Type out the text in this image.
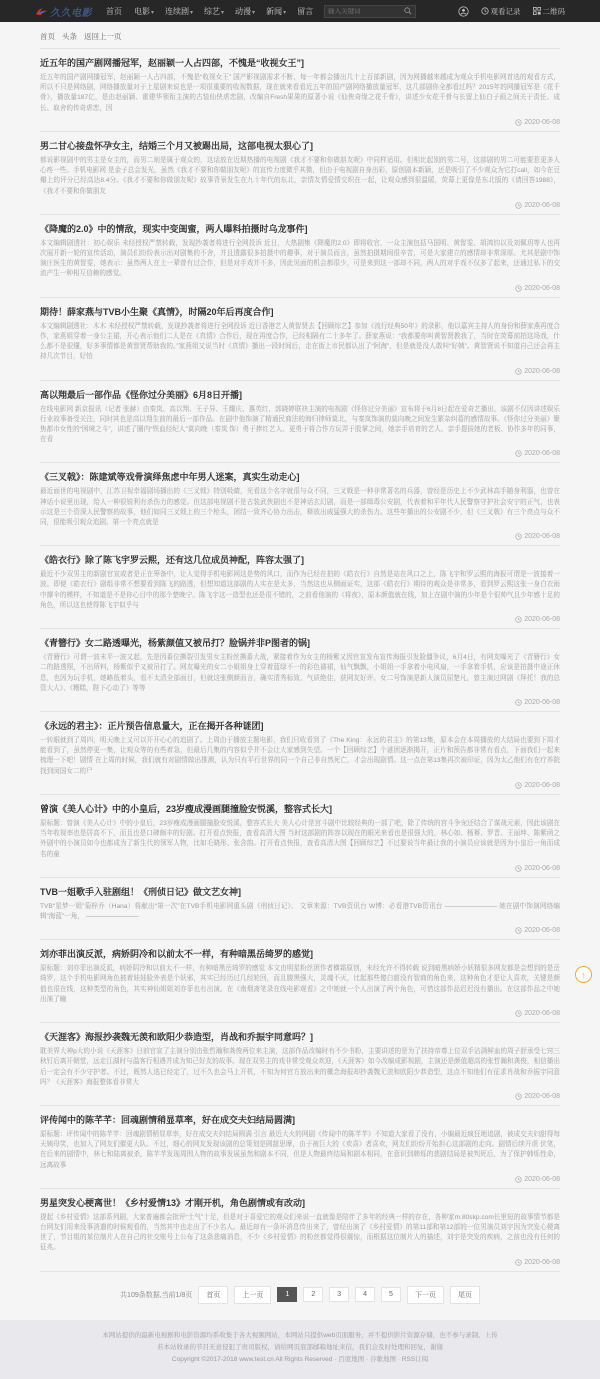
久久电影 首页 电影▾ 连续剧▾ 综艺▾ 动漫▾ 新闻▾ 留言
输入关键词	观看记录	二维码
首页 头条 返回上一页
近五年的国产剧网播冠军，赵丽颖一人占四部，不愧是“收视女王”]

近五年的国产剧网播冠军，赵丽颖一人占四部，不愧是“收视女王” 国产影视剧需求不断，每一年都会播出几十上百部新剧，因为网播越来越成为观众手机电影网首选的观看方式，所以不只是网络剧，网络播放量对于上星剧来说也是一项很重要的收视数据，现在就来看看近五年的国产剧网络播放量冠军，这几部剧你全都看过吗？2015年的网播冠军是《花千骨》，播放量187亿，是由赵丽颖、霍建华领衔主演的古装仙侠虐恋剧，改编自Fresh果果的原著小说《仙侠奇缘之花千骨》，讲述少女花千骨与长留上仙白子画之间关于责任、成长、取舍的传奇虐恋，因

2020-06-08
男二甘心接盘怀孕女主，结婚三个月又被踢出局，这部电视太狠心了]

都说影视剧中的男主是女主的，而男二则是属于观众的，这话放在近期热播的电视剧《我才不要和你做朋友呢》中同样适用。但相比起别的男二号，这部剧的男二可能要惹更多人心疼一些。手机电影网 是金子总会发光，虽然《我才不要和你做朋友呢》的宣传力度微乎其微，但由于电视剧自身出彩，原创剧本新颖，还是吸引了不少观众为它打call，如今在豆瓣上的评分已经高达8.4分。《我才不要和你做朋友呢》故事背景发生在九十年代的东北，亲情友情爱情交织在一起，让观众感到很温暖，荧幕上更像是东北版的《请回答1988》，《我才不要和你做朋友

2020-06-08
《降魔的2.0》中的情敌，现实中变闺蜜，两人曝料拍摄时乌龙事件]

本文编辑剧透社：初心娱乐 未经授权严禁转载，发现抄袭者将进行全网投诉 近日，大热剧集《降魔的2.0》即将收官，一众主演包括马国明、黄智雯、胡鸿钧以及刘佩玥等人也再次展开新一轮的宣传活动，演员们纷纷表示出对剧集的不舍，并且透露很多拍摄中的趣事，对于演员而言，虽然拍摄期间很辛苦，可是大家建立的感情却非常深厚。尤其是剧中饰演庄医生的黄智雯，她表示：虽然两人在上一辈曾有过合作，但是对手戏并不多，因此见面的机会都很少，可是来到这一部却不同，两人的对手戏不仅多了起来，还通过私下的交流产生一种相互信赖的感觉。

2020-06-08
期待！薛家燕与TVB小生聚《真情》，时隔20年后再度合作]

本文编辑剧透社：木木 未经授权严禁转载，发现抄袭者将进行全网投诉 近日香港艺人黄智贤去【回顾综艺】参加《流行经典50年》的录影，他以嘉宾主持人的身份和薛家燕再度合作，家燕姐穿着一身公主裙，开心表示他们二人是在《真情》合作后，现在再度合作，已经相隔有二十多年了。薛家燕说：“我都要你叫黄智贤教我了，当时在荧幕前拍这场戏，什么都不是很懂，好多事情都是黄智贤帮助我的。”家燕姐又说当时《真情》播出一段时间后，走在街上市民都认出了“阿海”，但是就是没人敢叫“好姨”。黄智贤说不知道自己还会再主持几次节目，好怕

2020-06-08
高以翔最后一部作品《怪你过分美丽》6月8日开播]

在线电影网 新京报讯（记者 张赫）由秦岚、高以翔、王子异、王耀庆、惠英红、郭晓婷联袂主演的电视剧《怪你过分美丽》宣布将于6月8日起在爱奇艺播出，该剧不仅因讲述娱乐行业故事备受关注，同时其也是高以翔生前的最后一部作品。在剧中他饰演了精通民商法的海归律师莫北，与秦岚饰演的莫向晚之间发生繁杂纠葛的感情故事。《怪你过分美丽》聚焦都市女性的“困境之斗”，讲述了圈内“铁血经纪人”莫向晚（秦岚 饰）勇于捧红艺人、更勇于将合作方玩弄于股掌之间，她亲手培育的艺人、亲手提拔她的老板、协作多年的同事，在看

2020-06-08
《三叉戟》：陈建斌等戏骨演绎焦虑中年男人迷案，真实生动走心]

最近面世的电视剧中，江苏卫视幸福剧场播出的《三叉戟》特别吸睛，光看这个名字就很与众不同，三叉戟是一种非常著名的兵器，曾经是历史上不少武林高手随身利器，也曾在神话小说里出现，给人一种很锐利有杀伤力的感觉。但这部电视剧不是古装武侠剧也不是神话玄幻剧，而是一部缉毒公安剧，代表着和平年代人民警察守护社会安宁的正气，也表示这是三个资深人民警察的故事，他们如同三叉戟上的三个枪头，团结一致齐心协力出击，释放出威猛强大的杀伤力。这些年播出的公安剧不少，但《三叉戟》有三个亮点与众不同，很能吸引观众追剧。第一个亮点就是

2020-06-08
《皓衣行》除了陈飞宇罗云熙，还有这几位成员神配，阵容太强了]

最近不少双男主的新剧官宣或者是正在筹备中，让人觉得手机电影网这是势的风口，而作为已经在拍的《皓衣行》自然是站在风口之上，陈飞宇和罗云熙的海报可谓是一波接着一波。即便《皓衣行》剧组非常不想要看到陈飞的路透，但想知道这部剧的人实在是太多，当然这也从侧面证实，这部《皓衣行》期待的观众是非常多，看到罗云熙这张一身白衣雨中撑伞的模样，不知道是不是你心目中的那个楚晚宁。陈飞宇这一造型也还是很不错的，之前看他演的《将夜》，原本颜值就在线，加上在剧中演的少年是个很帅气且少年感十足的角色，所以这也使得陈飞宇似乎与

2020-06-08
《青簪行》女二路透曝光，杨紫颜值又被吊打？脸锅并非P图者的锅]

《青簪行》可谓一波未平一波又起，先是因番位撕裂引发男女主粉丝撕番大战，紧接着作为女主的杨紫又因官宣发布宣传海报引发脸僵争议，6月4日，有网友曝光了《青簪行》女二的路透照，不出所料，杨紫似乎又被吊打了。网友曝光的女二小姐姐身上穿着蓝绿不一的彩色襦裙，仙气飘飘，小姐姐一手拿着小电风扇，一手拿着手机，应该是拍摄中途正休息，也因为玩手机，她略低着头，看不太清全部面目，但就这张侧颜而言，确实清秀标致、气质绝佳，获网友好评。女二号饰演是新人演员屈楚凡，曾主演过网剧《拜托！我的总管大人》、《糟糕，陛下心动了》等等

2020-06-08
《永远的君主》：正片预告信息量大，正在揭开各种谜团]

一转眼就到了周四，明天晚上又可以开开心心的追剧了。上周由于播放主题电影，我们只收看到了《The King：永远的君主》的第13集，原本会在本周播放的大结局也要到下周才能看到了，虽然停更一集，让观众等的有些着急，但最后几集的内容似乎并不会让大家感到失望。一个【回顾综艺】个谜团逐渐揭开，正片和预告都非常有看点，下面我们一起来梳理一下吧！剧情 在上周的时候，我们就有对剧情做出推测，认为只有平行世界的同一个自己非自然死亡，才会出现剧情。这一点在第13集再次被印证，因为太乙他们有在疗养院找到闵国女二的尸

2020-06-08
曾演《美人心计》中的小皇后，23岁瘦成漫画腿撞脸安悦溪，整容式长大]

原标题：曾演《美人心计》中的小皇后，23岁瘦成漫画腿撞脸安悦溪，整容式长大 美人心计是宫斗剧中比较经典的一部了吧，除了传统的宫斗争宠还结合了谋战元素，因此该剧在当年收视率也是居高不下，而且也是口碑颇丰的好剧。打开看点快报，查看高清大图 当时这部剧的阵容以现在的眼光来看也是很强大的，林心如、杨幂、罗晋、王丽坤、陈紫函之外剧中的小演员如今也都成为了新生代的领军人物，比如毛晓彤、张含韵。打开看点快报，查看高清大图【回顾综艺】不过要说当年最让我的小演员应该就是因为小皇后一角而成名的童

2020-06-08
TVB一姐歌手入驻剧组！《刑侦日记》做文艺女神]

TVB“星梦一姐”菊梓乔（Hana）将献出“第一次”在TVB手机电影网重头剧《刑侦日记》、 文章来源：TVB资讯台 W博：必看港TVB资讯台 ———————— 她在剧中饰演网络编辑“海蓝”一角， ————————

2020-06-08
刘亦菲出演反派，病娇阴冷和以前太不一样，有种暗黑岳绮罗的感觉]

原标题：刘亦菲出演反派，病娇阴冷和以前太不一样，有种暗黑岳绮罗的感觉 本文由明星粉丝团作者横霜原创，未经允许不得转载 说到暗黑病娇小妖精很多网友都是会想到的是岳绮罗，这个手机电影网角色披着娃娃脸外表是个妖邪，其实已经历过几经轮回，而且腹黑强大，灵魂不灭，比起那些傻白甜没有智商的角色来，这种角色才是让人喜欢，关键是颜值也很在线，这种类型的角色，其实神仙姐姐刘亦菲也有出演。在《南烟斋笔录在线电影观看》之中她就一个人出演了两个角色，可惜这部作品迟迟没有播出。在这部作品之中她出演了瞳

2020-06-08
《天涯客》海报抄袭魏无羡和欧阳少恭造型，肖战和乔振宇同意吗？]

耽美界大神p大的小说《天涯客》日前官宣了主演分别由张哲瀚和龚俊两位来主演，这部作品改编时有不少书粉，主要讲述的是为了扶持帝尊上位双手沾满鲜血的周子舒承受七窍三秋钉后离开朝堂，远走江湖时与温客行相遇并成为知己好友的故事。现在双男主的戏非常受观众欢迎，《天涯客》如今改编成影视剧，主演还是颜值超高的张哲瀚和龚俊，相信播出后一定会有不少守护者。不过，既然人选已经定了，过不久也会马上开机，不知为何官方放出来的概念海报却抄袭魏无羡和欧阳少恭造型，这点不知他们有征求肖战和乔振宇同意吗？《天涯客》海报整体看非常大

2020-06-08
评传闻中的陈芊芊：回魂剧情稍显草率，好在成交夫妇结局圆满]

原标题：评传闻中的陈芊芊：回魂剧情稍显草率，好在成交夫妇结局圆满 引言 最近大火的网剧《传闻中的陈芊芊》不知道大家看了没有，小编最近疯狂地追剧，被成交夫妇甜得每天姨母笑，也加入了网友们催更大队。不过，细心的网友发现该剧的总策划是圆甜思摩，由于被巨大的《欢喜》者喜欢，网友们纷纷开始担心这部剧的走向。剧情后续开虐 伏笔，在后来的剧情中，林七和陆离被杀，陈芊芊发现周围人物的故事发展虽然和剧本不同，但是人物最终结局和剧本相同，在意识到韩烁的悲剧结局是被判死后，为了保护韩烁性命，远离故事

2020-06-08
男星突发心梗离世！《乡村爱情13》才刚开机，角色剧情或有改动]

提起《乡村爱情》这部系列剧，大家普遍都会批评“土气”十足，但是对于喜爱它的观众们来说一直就像是陪伴了多年的经典一样的存在，各种家m.80skp.com长里短的故事情节都是台网友们用来没事消遣的时候观看的，当然其中也走出了不少名人。最近却有一条坏消息传出来了，曾经出演了《乡村爱情》的第11部和第12部的一位男演员刘宇因为突发心梗离世了，节目组的某位制片人在自己的社交账号上公布了这条悲痛消息，不少《乡村爱情》的粉丝都觉得很震惊，而根据这位制片人的描述，刘宇是突发的疾病，之前也没有任何的征兆。

2020-06-08
共109条数据,当前1/8页	首页	上一页	1	2	3	4	5	下一页	尾页

本网站提供的最新电视剧和电影资源均系收集于各大视频网站，本网站只提供web页面服务，并不提供影片资源存储，也不参与录制、上传

若本站收录的节目无意侵犯了贵司版权，请给网页底部邮箱地址来信，我们会及时处理和回复，谢谢

Copyright ©2017-2018 www.test.cn All Rights Reserved · 百度地图 · 谷歌地图 · RSS订阅

↑
